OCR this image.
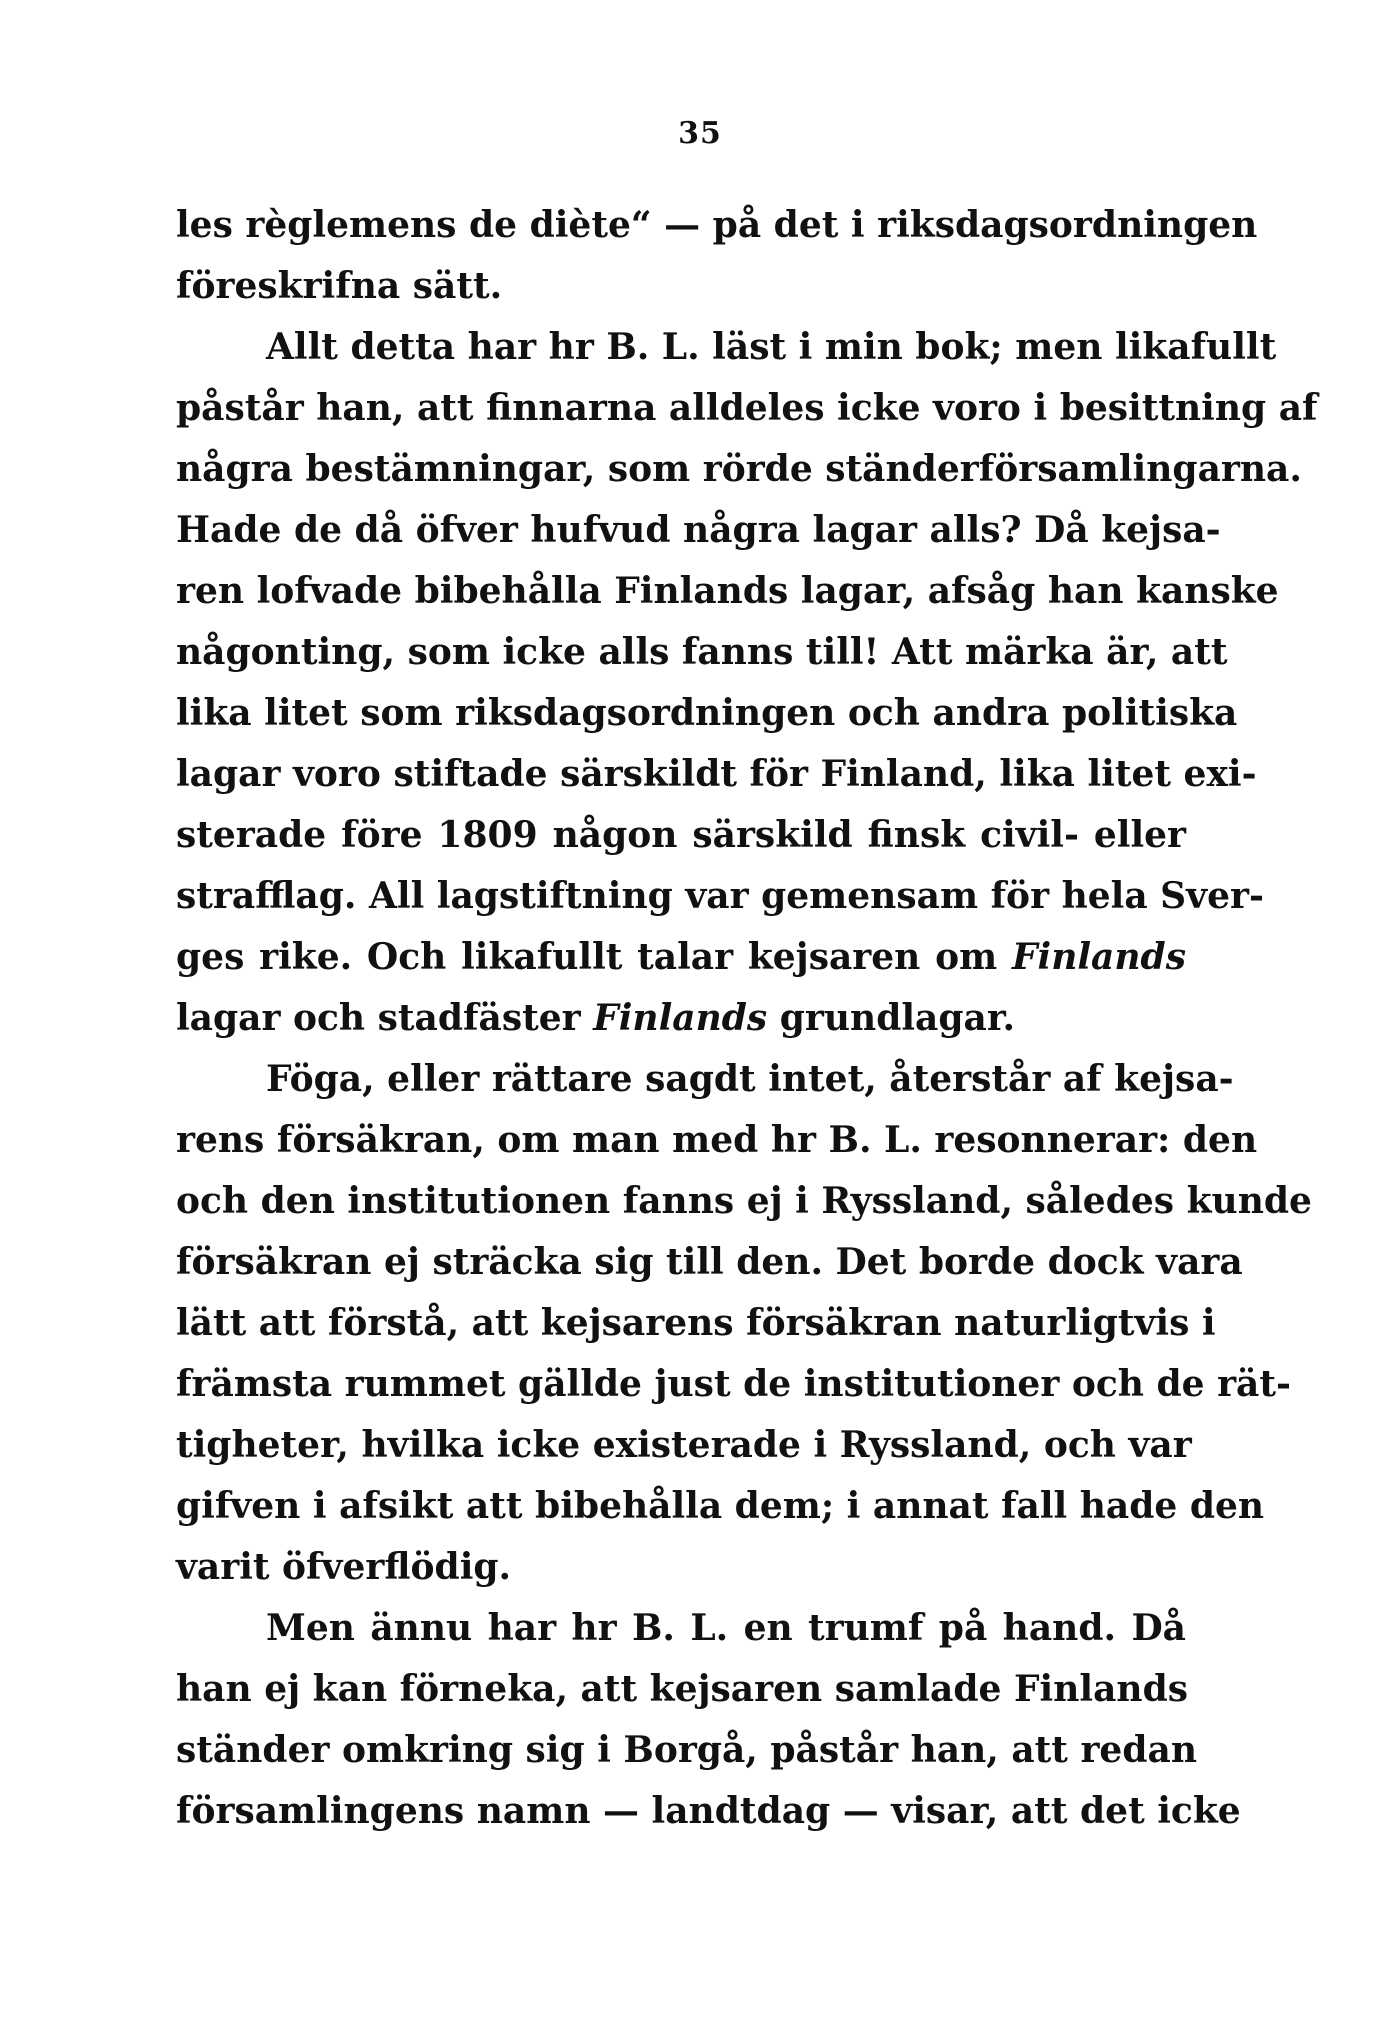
35
les règlemens de diète“ — på det i riksdagsordningen
föreskrifna sätt.
Allt detta har hr B. L. läst i min bok; men likafullt
påstår han, att finnarna alldeles icke voro i besittning af
några bestämningar, som rörde ständerförsamlingarna.
Hade de då öfver hufvud några lagar alls? Då kejsa-
ren lofvade bibehålla Finlands lagar, afsåg han kanske
någonting, som icke alls fanns till! Att märka är, att
lika litet som riksdagsordningen och andra politiska
lagar voro stiftade särskildt för Finland, lika litet exi-
sterade före 1809 någon särskild finsk civil- eller
strafflag. All lagstiftning var gemensam för hela Sver-
ges rike. Och likafullt talar kejsaren om Finlands
lagar och stadfäster Finlands grundlagar.
Föga, eller rättare sagdt intet, återstår af kejsa-
rens försäkran, om man med hr B. L. resonnerar: den
och den institutionen fanns ej i Ryssland, således kunde
försäkran ej sträcka sig till den. Det borde dock vara
lätt att förstå, att kejsarens försäkran naturligtvis i
främsta rummet gällde just de institutioner och de rät-
tigheter, hvilka icke existerade i Ryssland, och var
gifven i afsikt att bibehålla dem; i annat fall hade den
varit öfverflödig.
Men ännu har hr B. L. en trumf på hand. Då
han ej kan förneka, att kejsaren samlade Finlands
ständer omkring sig i Borgå, påstår han, att redan
församlingens namn — landtdag — visar, att det icke
